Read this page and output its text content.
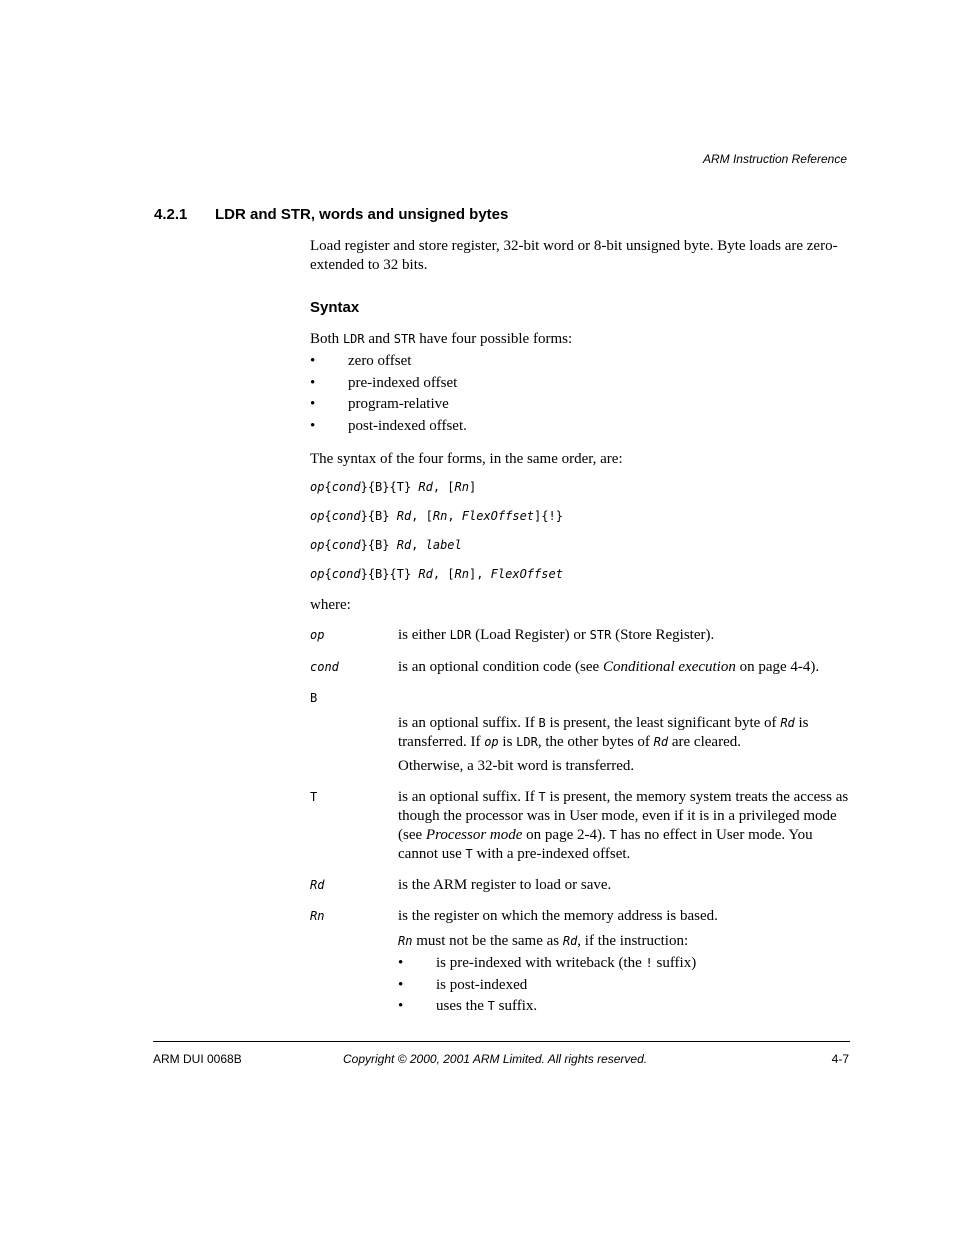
ARM Instruction Reference
4.2.1 LDR and STR, words and unsigned bytes
Load register and store register, 32-bit word or 8-bit unsigned byte. Byte loads are zero-extended to 32 bits.
Syntax
Both LDR and STR have four possible forms:
• zero offset
• pre-indexed offset
• program-relative
• post-indexed offset.
The syntax of the four forms, in the same order, are:
op{cond}{B}{T} Rd, [Rn]
op{cond}{B} Rd, [Rn, FlexOffset]{!}
op{cond}{B} Rd, label
op{cond}{B}{T} Rd, [Rn], FlexOffset
where:
op	is either LDR (Load Register) or STR (Store Register).
cond	is an optional condition code (see Conditional execution on page 4-4).
B
is an optional suffix. If B is present, the least significant byte of Rd is transferred. If op is LDR, the other bytes of Rd are cleared.
Otherwise, a 32-bit word is transferred.
T	is an optional suffix. If T is present, the memory system treats the access as though the processor was in User mode, even if it is in a privileged mode (see Processor mode on page 2-4). T has no effect in User mode. You cannot use T with a pre-indexed offset.
Rd	is the ARM register to load or save.
Rn	is the register on which the memory address is based.
Rn must not be the same as Rd, if the instruction:
• is pre-indexed with writeback (the ! suffix)
• is post-indexed
• uses the T suffix.
ARM DUI 0068B	Copyright © 2000, 2001 ARM Limited. All rights reserved.	4-7
